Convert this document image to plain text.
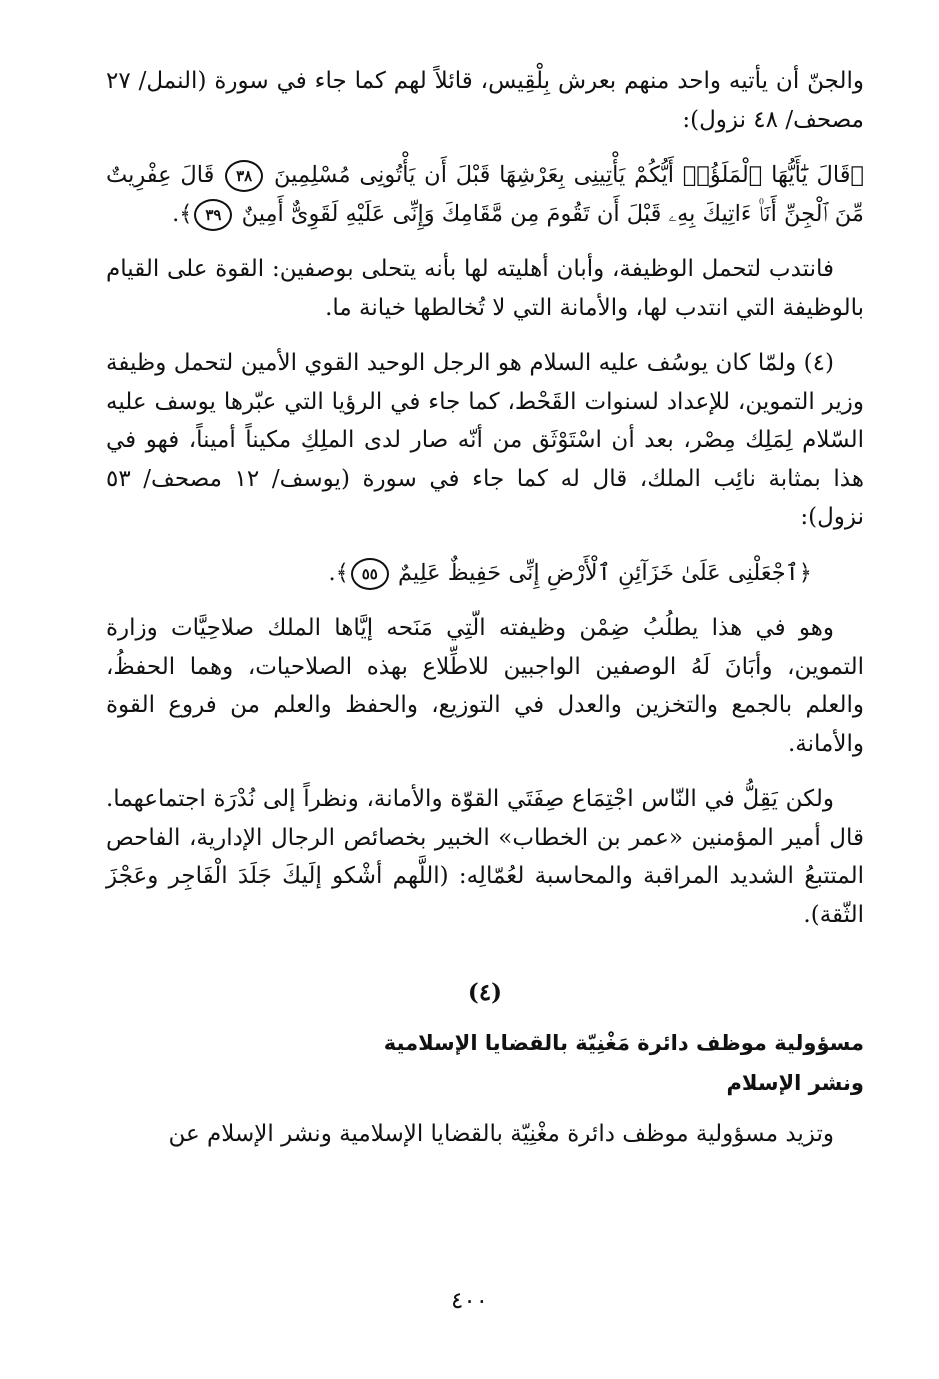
والجنّ أن يأتيه واحد منهم بعرش بِلْقِيس، قائلاً لهم كما جاء في سورة (النمل/ ٢٧ مصحف/ ٤٨ نزول):

﴿قَالَ يَٰٓأَيُّهَا ٱلْمَلَؤُا۟ أَيُّكُمْ يَأْتِينِى بِعَرْشِهَا قَبْلَ أَن يَأْتُونِى مُسْلِمِينَ ٣٨ قَالَ عِفْرِيتٌ مِّنَ ٱلْجِنِّ أَنَا۠ ءَاتِيكَ بِهِۦ قَبْلَ أَن تَقُومَ مِن مَّقَامِكَ وَإِنِّى عَلَيْهِ لَقَوِىٌّ أَمِينٌ ٣٩﴾.

فانتدب لتحمل الوظيفة، وأبان أهليته لها بأنه يتحلى بوصفين: القوة على القيام بالوظيفة التي انتدب لها، والأمانة التي لا تُخالطها خيانة ما.

(٤) ولمّا كان يوسُف عليه السلام هو الرجل الوحيد القوي الأمين لتحمل وظيفة وزير التموين، للإعداد لسنوات القَحْط، كما جاء في الرؤيا التي عبّرها يوسف عليه السّلام لِمَلِك مِصْر، بعد أن اسْتَوْثَق من أنّه صار لدى الملِكِ مكيناً أميناً، فهو في هذا بمثابة نائِب الملك، قال له كما جاء في سورة (يوسف/ ١٢ مصحف/ ٥٣ نزول):

﴿ٱجْعَلْنِى عَلَىٰ خَزَآئِنِ ٱلْأَرْضِ إِنِّى حَفِيظٌ عَلِيمٌ ٥٥﴾.

وهو في هذا يطلُبُ ضِمْن وظيفته الّتِي مَنَحه إيَّاها الملك صلاحِيَّات وزارة التموين، وأبَانَ لَهُ الوصفين الواجبين للاطِّلاع بهذه الصلاحيات، وهما الحفظُ، والعلم بالجمع والتخزين والعدل في التوزيع، والحفظ والعلم من فروع القوة والأمانة.

ولكن يَقِلُّ في النّاس اجْتِمَاع صِفَتَي القوّة والأمانة، ونظراً إلى نُدْرَة اجتماعهما. قال أمير المؤمنين «عمر بن الخطاب» الخبير بخصائص الرجال الإدارية، الفاحص المتتبعُ الشديد المراقبة والمحاسبة لعُمّالِه: (اللَّهم أشْكو إلَيكَ جَلَدَ الْفَاجِر وعَجْزَ الثّقة).

(٤)
مسؤولية موظف دائرة مَغْنِيّة بالقضايا الإسلامية
ونشر الإسلام

وتزيد مسؤولية موظف دائرة مغْنِيّة بالقضايا الإسلامية ونشر الإسلام عن

٤٠٠
